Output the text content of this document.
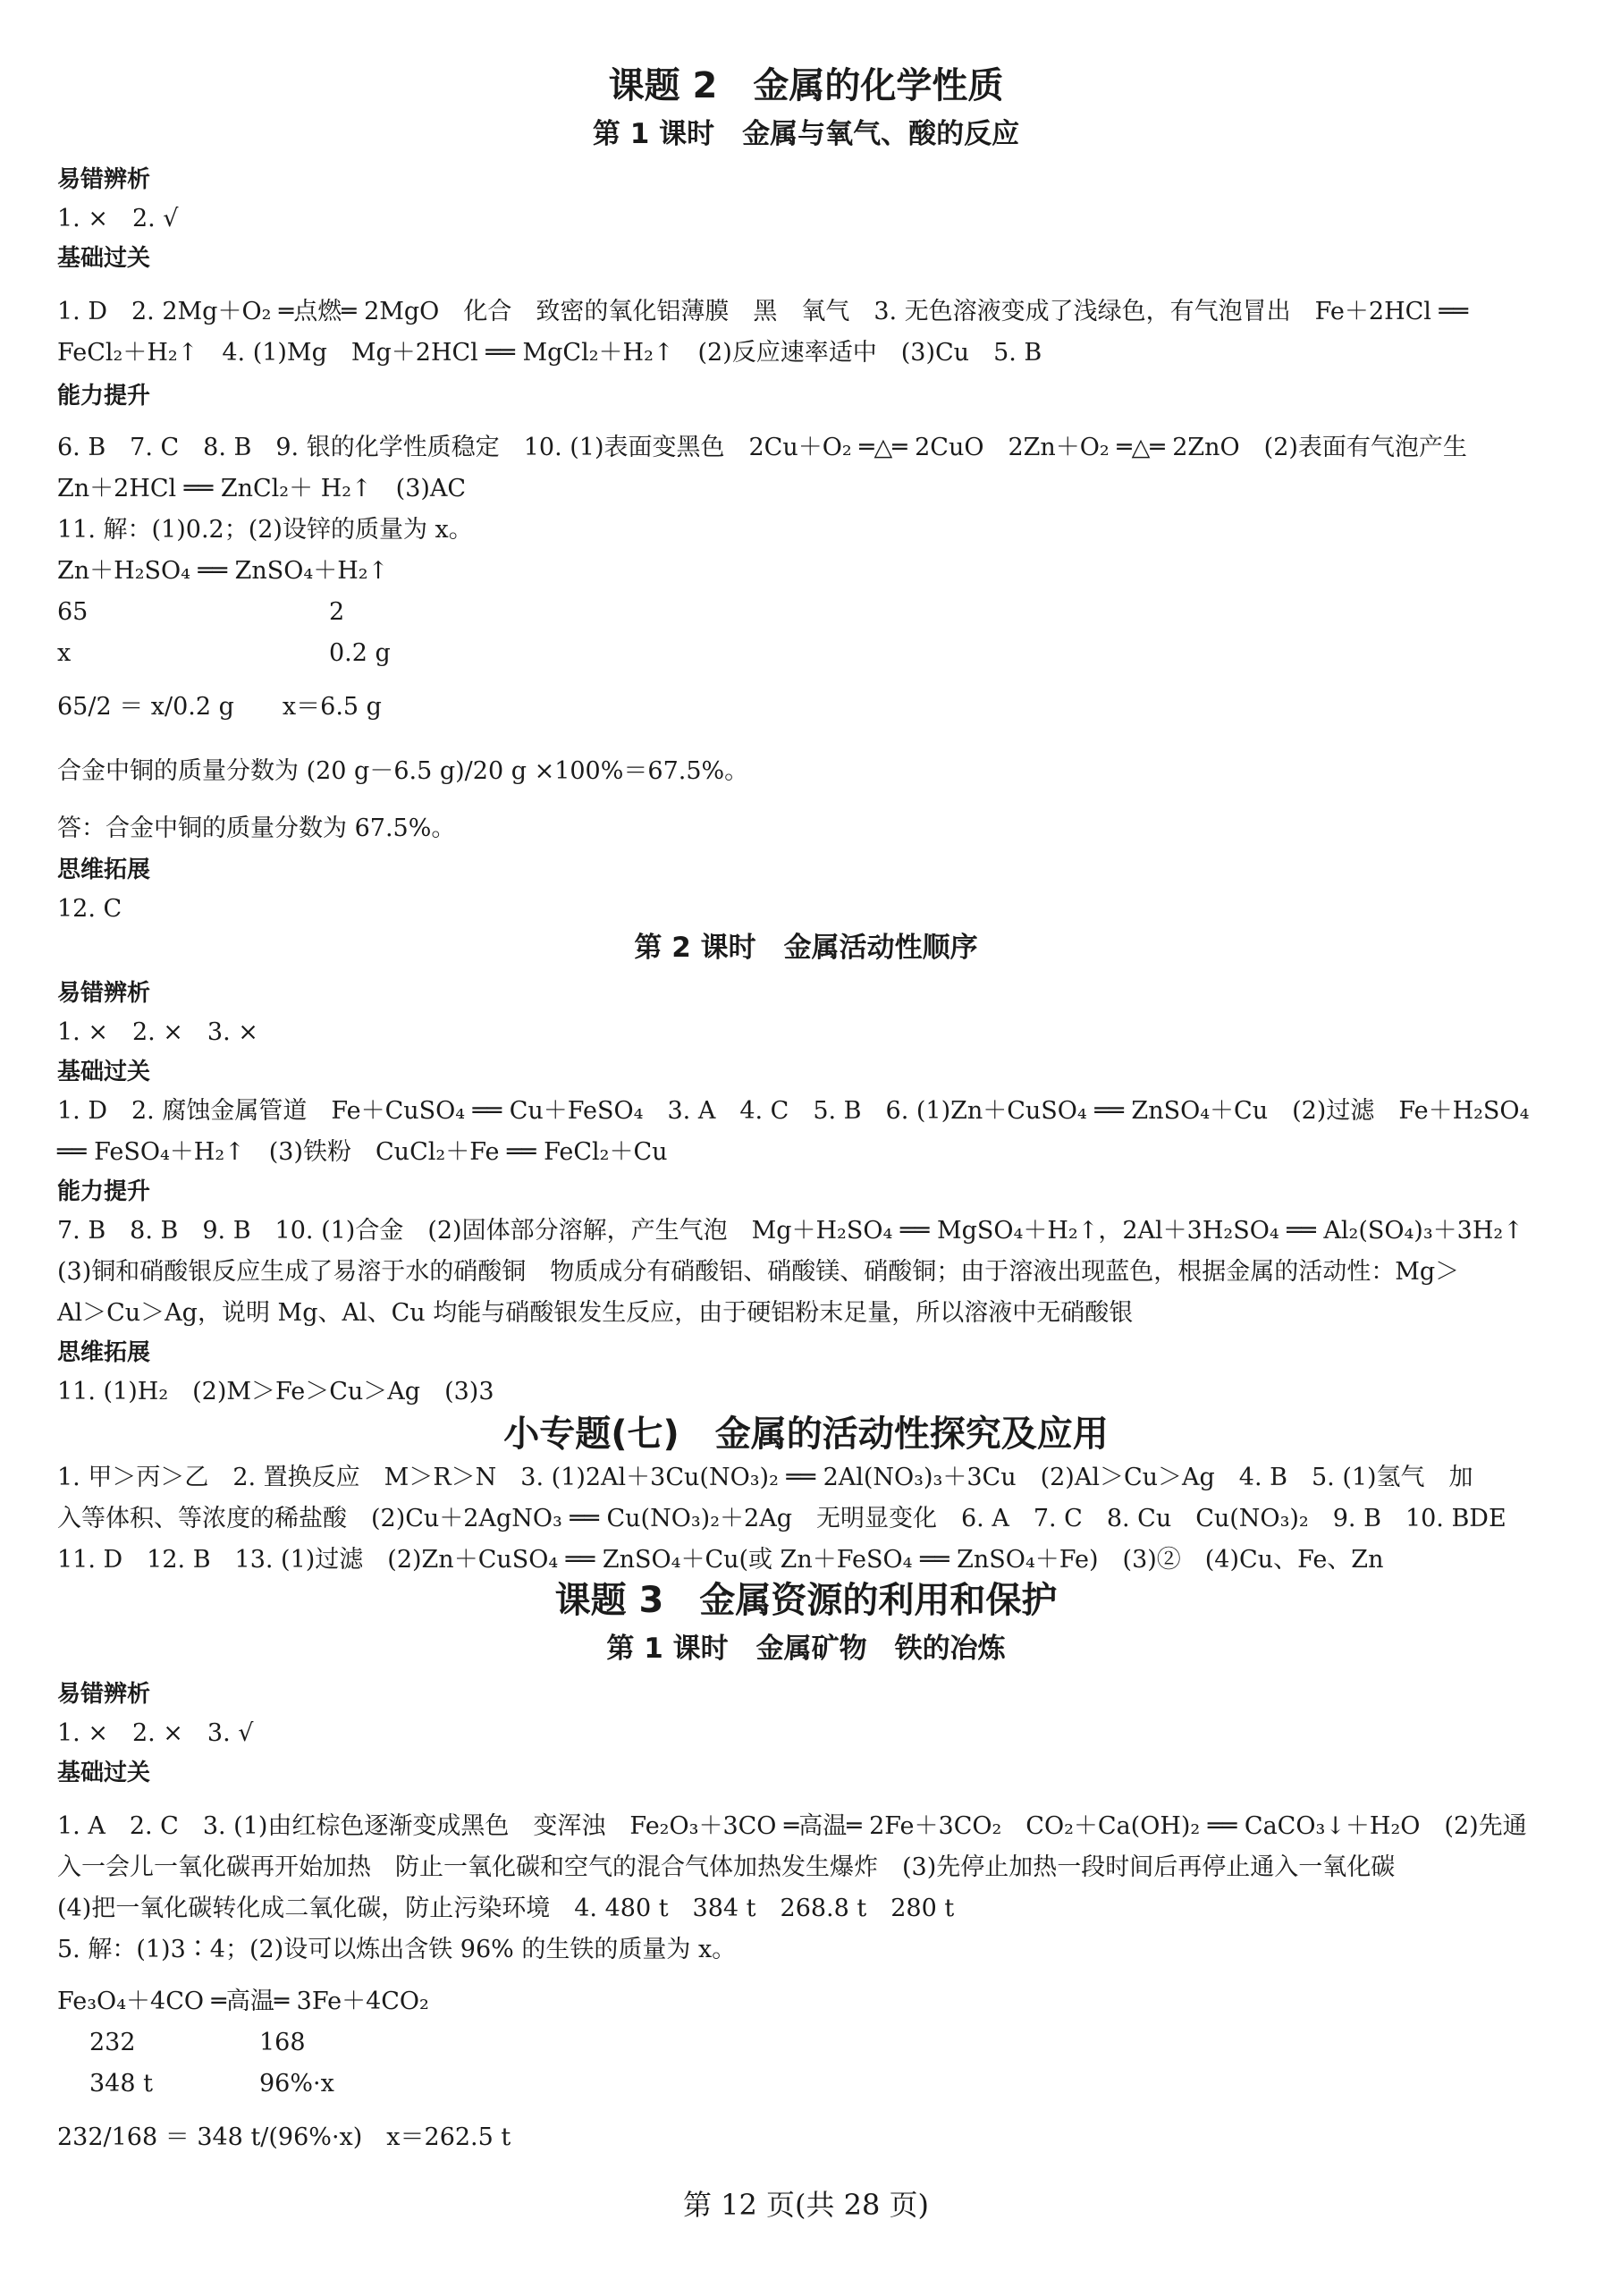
课题 2　金属的化学性质
第 1 课时　金属与氧气、酸的反应
易错辨析
1. ×　2. √
基础过关
1. D　2. 2Mg＋O₂ ═点燃═ 2MgO　化合　致密的氧化铝薄膜　黑　氧气　3. 无色溶液变成了浅绿色，有气泡冒出　Fe＋2HCl ══
FeCl₂＋H₂↑　4. (1)Mg　Mg＋2HCl ══ MgCl₂＋H₂↑　(2)反应速率适中　(3)Cu　5. B
能力提升
6. B　7. C　8. B　9. 银的化学性质稳定　10. (1)表面变黑色　2Cu＋O₂ ═△═ 2CuO　2Zn＋O₂ ═△═ 2ZnO　(2)表面有气泡产生
Zn＋2HCl ══ ZnCl₂＋ H₂↑　(3)AC
11. 解：(1)0.2；(2)设锌的质量为 x。
Zn＋H₂SO₄ ══ ZnSO₄＋H₂↑
65	2
x	0.2 g
65/2 ＝ x/0.2 g　　x＝6.5 g
合金中铜的质量分数为 (20 g－6.5 g)/20 g ×100%＝67.5%。
答：合金中铜的质量分数为 67.5%。
思维拓展
12. C
第 2 课时　金属活动性顺序
易错辨析
1. ×　2. ×　3. ×
基础过关
1. D　2. 腐蚀金属管道　Fe＋CuSO₄ ══ Cu＋FeSO₄　3. A　4. C　5. B　6. (1)Zn＋CuSO₄ ══ ZnSO₄＋Cu　(2)过滤　Fe＋H₂SO₄
══ FeSO₄＋H₂↑　(3)铁粉　CuCl₂＋Fe ══ FeCl₂＋Cu
能力提升
7. B　8. B　9. B　10. (1)合金　(2)固体部分溶解，产生气泡　Mg＋H₂SO₄ ══ MgSO₄＋H₂↑，2Al＋3H₂SO₄ ══ Al₂(SO₄)₃＋3H₂↑
(3)铜和硝酸银反应生成了易溶于水的硝酸铜　物质成分有硝酸铝、硝酸镁、硝酸铜；由于溶液出现蓝色，根据金属的活动性：Mg＞
Al＞Cu＞Ag，说明 Mg、Al、Cu 均能与硝酸银发生反应，由于硬铝粉末足量，所以溶液中无硝酸银
思维拓展
11. (1)H₂　(2)M＞Fe＞Cu＞Ag　(3)3
小专题(七)　金属的活动性探究及应用
1. 甲＞丙＞乙　2. 置换反应　M＞R＞N　3. (1)2Al＋3Cu(NO₃)₂ ══ 2Al(NO₃)₃＋3Cu　(2)Al＞Cu＞Ag　4. B　5. (1)氢气　加
入等体积、等浓度的稀盐酸　(2)Cu＋2AgNO₃ ══ Cu(NO₃)₂＋2Ag　无明显变化　6. A　7. C　8. Cu　Cu(NO₃)₂　9. B　10. BDE
11. D　12. B　13. (1)过滤　(2)Zn＋CuSO₄ ══ ZnSO₄＋Cu(或 Zn＋FeSO₄ ══ ZnSO₄＋Fe)　(3)②　(4)Cu、Fe、Zn
课题 3　金属资源的利用和保护
第 1 课时　金属矿物　铁的冶炼
易错辨析
1. ×　2. ×　3. √
基础过关
1. A　2. C　3. (1)由红棕色逐渐变成黑色　变浑浊　Fe₂O₃＋3CO ═高温═ 2Fe＋3CO₂　CO₂＋Ca(OH)₂ ══ CaCO₃↓＋H₂O　(2)先通
入一会儿一氧化碳再开始加热　防止一氧化碳和空气的混合气体加热发生爆炸　(3)先停止加热一段时间后再停止通入一氧化碳
(4)把一氧化碳转化成二氧化碳，防止污染环境　4. 480 t　384 t　268.8 t　280 t
5. 解：(1)3∶4；(2)设可以炼出含铁 96% 的生铁的质量为 x。
Fe₃O₄＋4CO ═高温═ 3Fe＋4CO₂
232	168
348 t	96%·x
232/168 ＝ 348 t/(96%·x)　x＝262.5 t
第 12 页(共 28 页)
